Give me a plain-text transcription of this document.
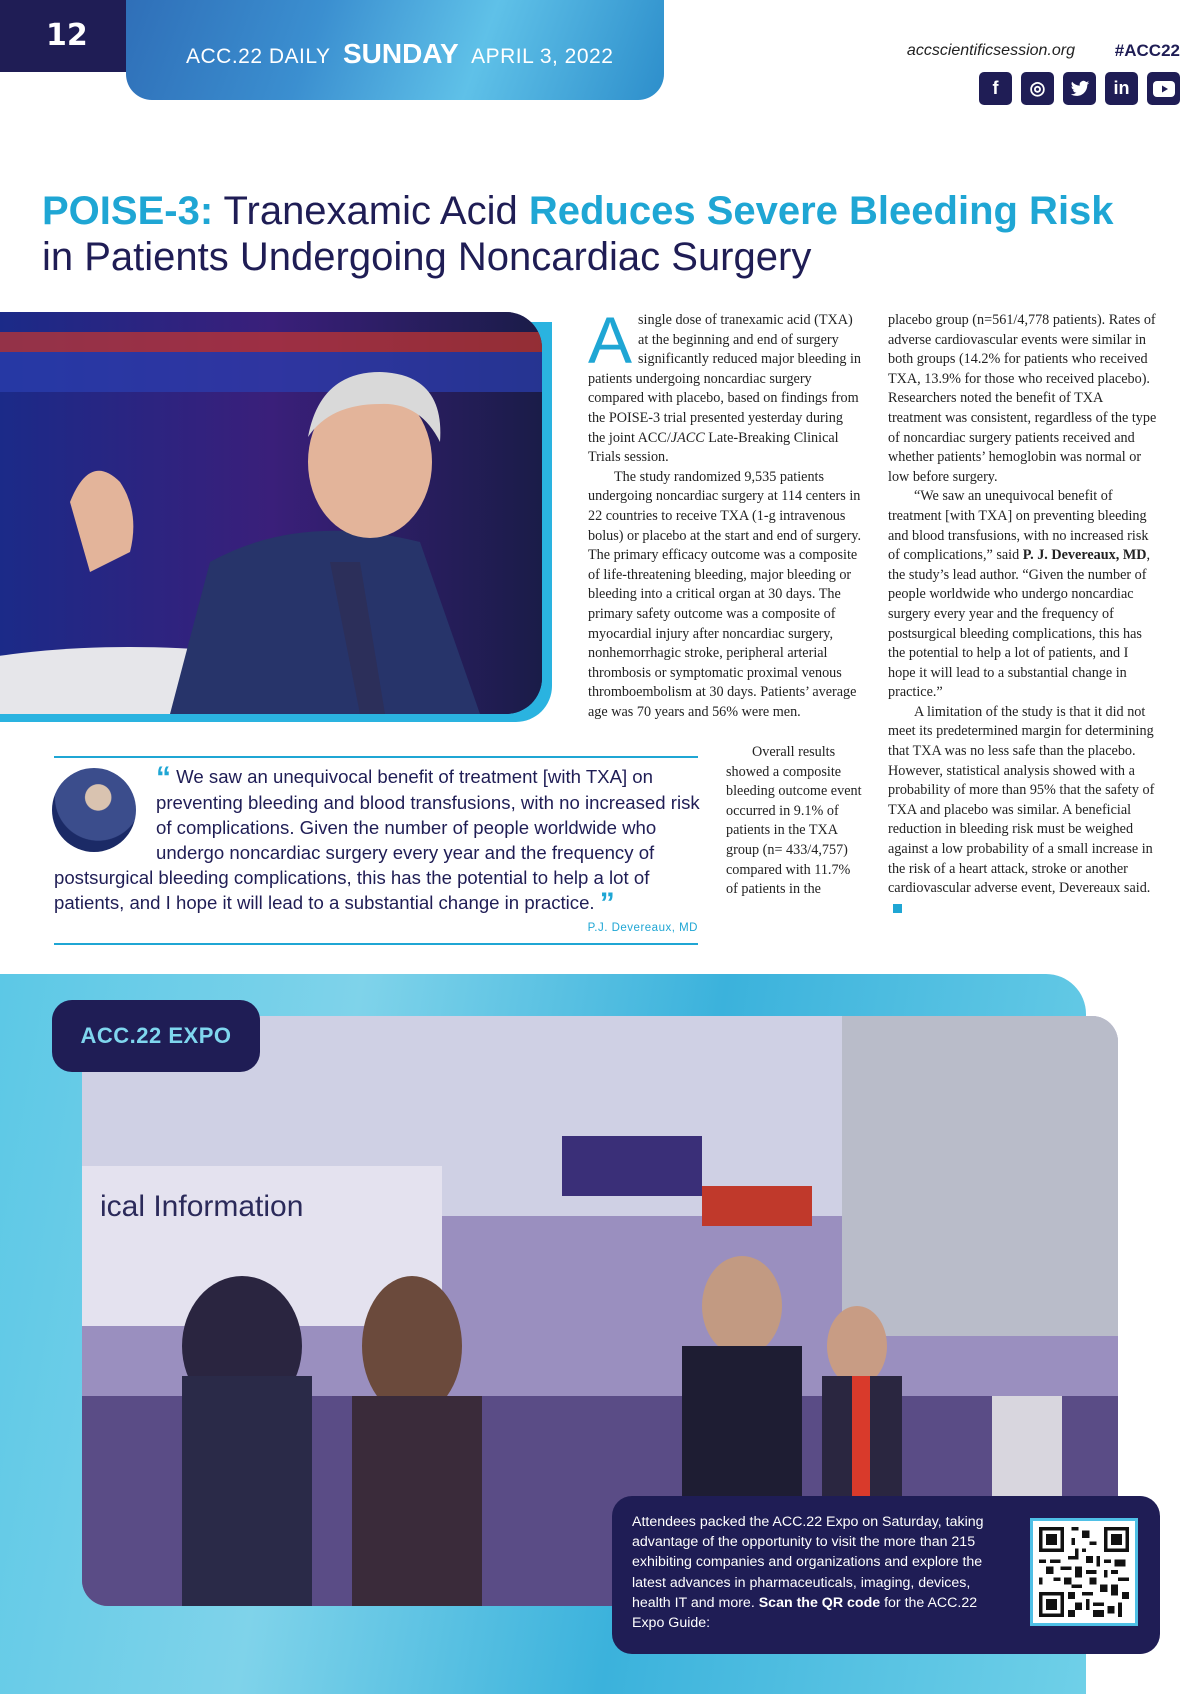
12
ACC.22 DAILY SUNDAY APRIL 3, 2022	accscientificsession.org #ACC22
f	◎	in
POISE-3: Tranexamic Acid Reduces Severe Bleeding Risk
in Patients Undergoing Noncardiac Surgery

Asingle dose of tranexamic acid (TXA) at the beginning and end of surgery significantly reduced major bleeding in patients undergoing noncardiac surgery compared with placebo, based on findings from the POISE-3 trial presented yesterday during the joint ACC/JACC Late-Breaking Clinical Trials session.

The study randomized 9,535 patients undergoing noncardiac surgery at 114 centers in 22 countries to receive TXA (1-g intravenous bolus) or placebo at the start and end of surgery. The primary efficacy outcome was a composite of life-threatening bleeding, major bleeding or bleeding into a critical organ at 30 days. The primary safety outcome was a composite of myocardial injury after noncardiac surgery, nonhemorrhagic stroke, peripheral arterial thrombosis or symptomatic proximal venous thromboembolism at 30 days. Patients’ average age was 70 years and 56% were men.

Overall results showed a composite bleeding outcome event occurred in 9.1% of patients in the TXA group (n= 433/4,757) compared with 11.7% of patients in the

placebo group (n=561/4,778 patients). Rates of adverse cardiovascular events were similar in both groups (14.2% for patients who received TXA, 13.9% for those who received placebo). Researchers noted the benefit of TXA treatment was consistent, regardless of the type of noncardiac surgery patients received and whether patients’ hemoglobin was normal or low before surgery.

“We saw an unequivocal benefit of treatment [with TXA] on preventing bleeding and blood transfusions, with no increased risk of complications,” said P. J. Devereaux, MD, the study’s lead author. “Given the number of people worldwide who undergo noncardiac surgery every year and the frequency of postsurgical bleeding complications, this has the potential to help a lot of patients, and I hope it will lead to a substantial change in practice.”

A limitation of the study is that it did not meet its predetermined margin for determining that TXA was no less safe than the placebo. However, statistical analysis showed with a probability of more than 95% that the safety of TXA and placebo was similar. A beneficial reduction in bleeding risk must be weighed against a low probability of a small increase in the risk of a heart attack, stroke or another cardiovascular adverse event, Devereaux said.

“ We saw an unequivocal benefit of treatment [with TXA] on preventing bleeding and blood transfusions, with no increased risk of complications. Given the number of people worldwide who undergo noncardiac surgery every year and the frequency of postsurgical bleeding complications, this has the potential to help a lot of patients, and I hope it will lead to a substantial change in practice. ”

P.J. Devereaux, MD
ical Information
ACC.22 EXPO

Attendees packed the ACC.22 Expo on Saturday, taking advantage of the opportunity to visit the more than 215 exhibiting companies and organizations and explore the latest advances in pharmaceuticals, imaging, devices, health IT and more. Scan the QR code for the ACC.22 Expo Guide:
